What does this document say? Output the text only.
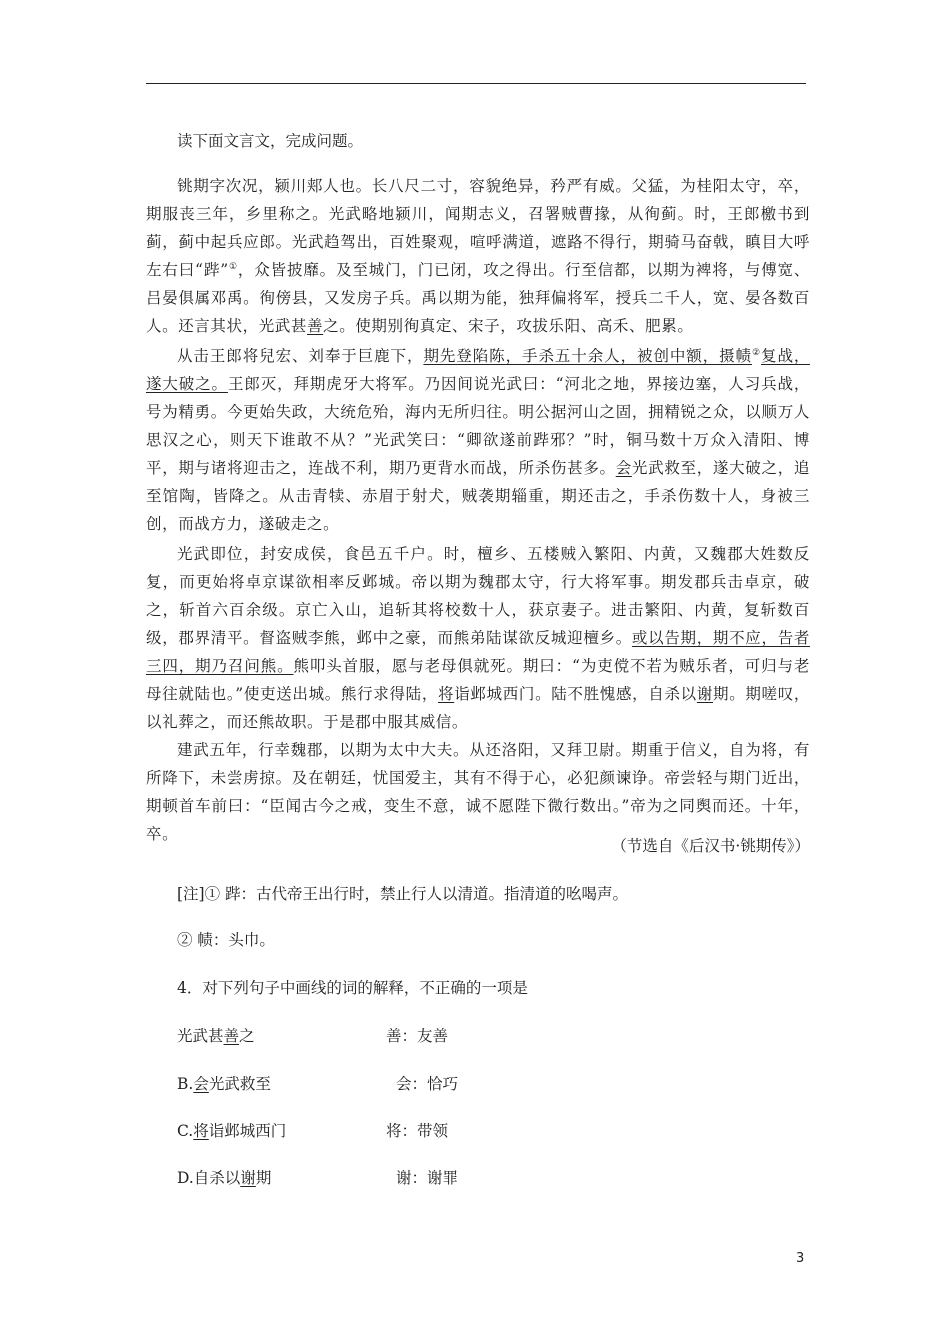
读下面文言文，完成问题。

铫期字次况，颍川郏人也。长八尺二寸，容貌绝异，矜严有威。父猛，为桂阳太守，卒，期服丧三年，乡里称之。光武略地颍川，闻期志义，召署贼曹掾，从徇蓟。时，王郎檄书到蓟，蓟中起兵应郎。光武趋驾出，百姓聚观，喧呼满道，遮路不得行，期骑马奋戟，瞋目大呼左右曰“跸”①，众皆披靡。及至城门，门已闭，攻之得出。行至信都，以期为裨将，与傅宽、吕晏俱属邓禹。徇傍县，又发房子兵。禹以期为能，独拜偏将军，授兵二千人，宽、晏各数百人。还言其状，光武甚善之。使期别徇真定、宋子，攻拔乐阳、高禾、肥累。

从击王郎将兒宏、刘奉于巨鹿下，期先登陷陈，手杀五十余人，被创中额，摄帻②复战，遂大破之。王郎灭，拜期虎牙大将军。乃因间说光武曰：“河北之地，界接边塞，人习兵战，号为精勇。今更始失政，大统危殆，海内无所归往。明公据河山之固，拥精锐之众，以顺万人思汉之心，则天下谁敢不从？”光武笑曰：“卿欲遂前跸邪？”时，铜马数十万众入清阳、博平，期与诸将迎击之，连战不利，期乃更背水而战，所杀伤甚多。会光武救至，遂大破之，追至馆陶，皆降之。从击青犊、赤眉于射犬，贼袭期辎重，期还击之，手杀伤数十人，身被三创，而战方力，遂破走之。

光武即位，封安成侯，食邑五千户。时，檀乡、五楼贼入繁阳、内黄，又魏郡大姓数反复，而更始将卓京谋欲相率反邺城。帝以期为魏郡太守，行大将军事。期发郡兵击卓京，破之，斩首六百余级。京亡入山，追斩其将校数十人，获京妻子。进击繁阳、内黄，复斩数百级，郡界清平。督盗贼李熊，邺中之豪，而熊弟陆谋欲反城迎檀乡。或以告期，期不应，告者三四，期乃召问熊。熊叩头首服，愿与老母俱就死。期曰：“为吏傥不若为贼乐者，可归与老母往就陆也。”使吏送出城。熊行求得陆，将诣邺城西门。陆不胜愧感，自杀以谢期。期嗟叹，以礼葬之，而还熊故职。于是郡中服其威信。

建武五年，行幸魏郡，以期为太中大夫。从还洛阳，又拜卫尉。期重于信义，自为将，有所降下，未尝虏掠。及在朝廷，忧国爱主，其有不得于心，必犯颜谏诤。帝尝轻与期门近出，期顿首车前曰：“臣闻古今之戒，变生不意，诚不愿陛下微行数出。”帝为之同舆而还。十年，卒。

（节选自《后汉书·铫期传》）

[注]① 跸：古代帝王出行时，禁止行人以清道。指清道的吆喝声。

② 帻：头巾。

4．对下列句子中画线的词的解释，不正确的一项是

光武甚善之	善：友善
B.会光武救至	会：恰巧
C.将诣邺城西门	将：带领
D.自杀以谢期	谢：谢罪
3
